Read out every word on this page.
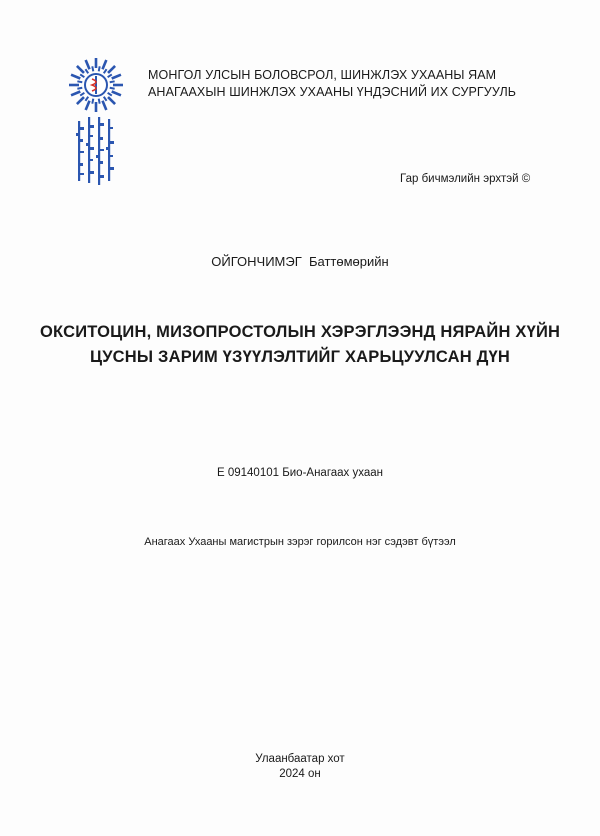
МОНГОЛ УЛСЫН БОЛОВСРОЛ, ШИНЖЛЭХ УХААНЫ ЯАМ
АНАГААХЫН ШИНЖЛЭХ УХААНЫ ҮНДЭСНИЙ ИХ СУРГУУЛЬ
Гар бичмэлийн эрхтэй ©
ОЙГОНЧИМЭГ  Баттөмөрийн
ОКСИТОЦИН, МИЗОПРОСТОЛЫН ХЭРЭГЛЭЭНД НЯРАЙН ХҮЙН
ЦУСНЫ ЗАРИМ ҮЗҮҮЛЭЛТИЙГ ХАРЬЦУУЛСАН ДҮН
E 09140101 Био-Анагаах ухаан
Анагаах Ухааны магистрын зэрэг горилсон нэг сэдэвт бүтээл
Улаанбаатар хот
2024 он
